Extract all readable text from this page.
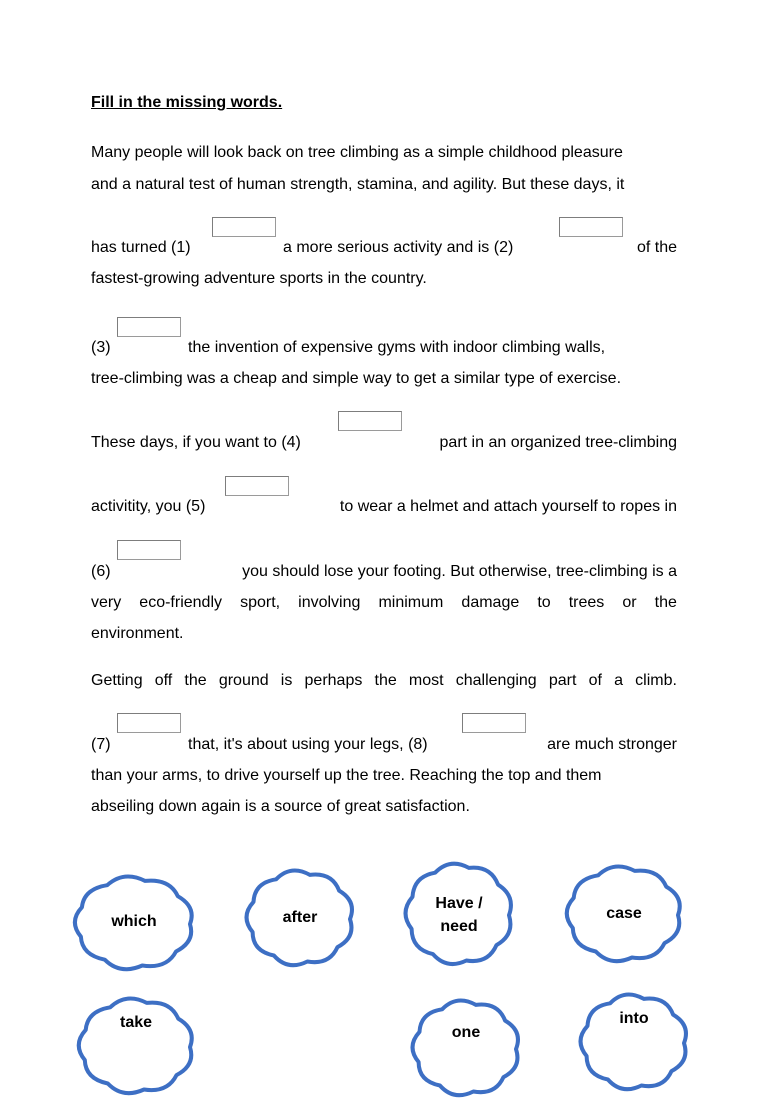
Fill in the missing words.
Many people will look back on tree climbing as a simple childhood pleasure
and a natural test of human strength, stamina, and agility. But these days, it
has turned (1)	a more serious activity and is (2)	of the
fastest-growing adventure sports in the country.
(3)	the invention of expensive gyms with indoor climbing walls,
tree-climbing was a cheap and simple way to get a similar type of exercise.
These days, if you want to (4)	part in an organized tree-climbing
activitity, you (5)	to wear a helmet and attach yourself to ropes in
(6)	you should lose your footing. But otherwise, tree-climbing is a
very eco-friendly sport, involving minimum damage to trees or the
environment.
Getting off the ground is perhaps the most challenging part of a climb.
(7)	that, it's about using your legs, (8)	are much stronger
than your arms, to drive yourself up the tree. Reaching the top and them
abseiling down again is a source of great satisfaction.
which	after
Have /
need
case
take
one
into
